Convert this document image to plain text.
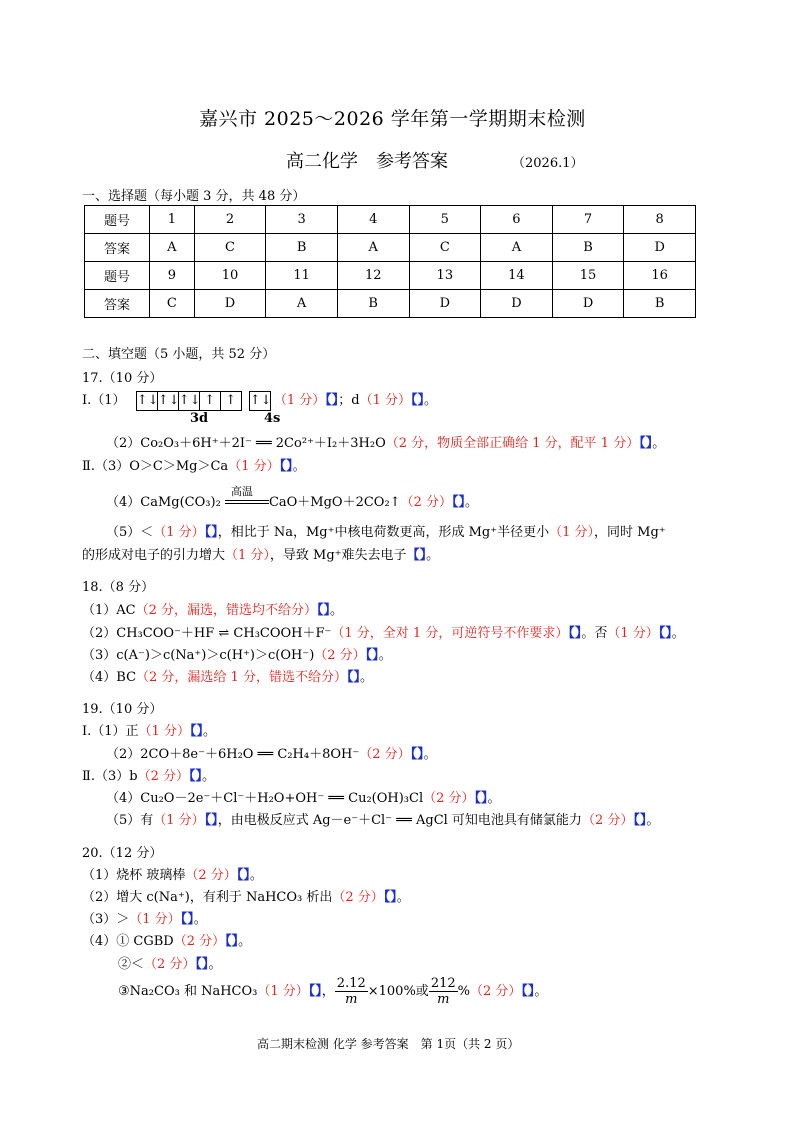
嘉兴市 2025～2026 学年第一学期期末检测
高二化学　参考答案	（2026.1）
一、选择题（每小题 3 分，共 48 分）
题号	1	2	3	4	5	6	7	8
答案	A	C	B	A	C	A	B	D
题号	9	10	11	12	13	14	15	16
答案	C	D	A	B	D	D	D	B
二、填空题（5 小题，共 52 分）
17.（10 分）
Ⅰ.（1） ↑↓↑↓↑↓ ↑ ↑ ↑↓ （1 分）【】；d（1 分）【】。
3d	4s
（2）Co₂O₃＋6H⁺＋2I⁻ ══ 2Co²⁺＋I₂＋3H₂O（2 分，物质全部正确给 1 分，配平 1 分）【】。
Ⅱ.（3）O＞C＞Mg＞Ca（1 分）【】。
（4）CaMg(CO₃)₂
高温
CaO＋MgO＋2CO₂↑（2 分）【】。
（5）＜（1 分）【】，相比于 Na，Mg⁺中核电荷数更高，形成 Mg⁺半径更小（1 分），同时 Mg⁺
的形成对电子的引力增大（1 分），导致 Mg⁺难失去电子【】。
18.（8 分）
（1）AC（2 分，漏选，错选均不给分）【】。
（2）CH₃COO⁻＋HF ⇌ CH₃COOH＋F⁻（1 分，全对 1 分，可逆符号不作要求）【】。否（1 分）【】。
（3）c(A⁻)＞c(Na⁺)＞c(H⁺)＞c(OH⁻)（2 分）【】。
（4）BC（2 分，漏选给 1 分，错选不给分）【】。
19.（10 分）
Ⅰ.（1）正（1 分）【】。
（2）2CO＋8e⁻＋6H₂O ══ C₂H₄＋8OH⁻（2 分）【】。
Ⅱ.（3）b（2 分）【】。
（4）Cu₂O－2e⁻＋Cl⁻＋H₂O+OH⁻ ══ Cu₂(OH)₃Cl（2 分）【】。
（5）有（1 分）【】，由电极反应式 Ag－e⁻＋Cl⁻ ══ AgCl 可知电池具有储氯能力（2 分）【】。
20.（12 分）
（1）烧杯 玻璃棒（2 分）【】。
（2）增大 c(Na⁺)，有利于 NaHCO₃ 析出（2 分）【】。
（3）＞（1 分）【】。
（4）① CGBD（2 分）【】。
②＜（2 分）【】。
③Na₂CO₃ 和 NaHCO₃（1 分）【】， $\frac{2.12}{m} \times 100\%$或 $\frac{212}{m} \%(2$ 分）【】。
高二期末检测 化学 参考答案　第 1页（共 2 页）
